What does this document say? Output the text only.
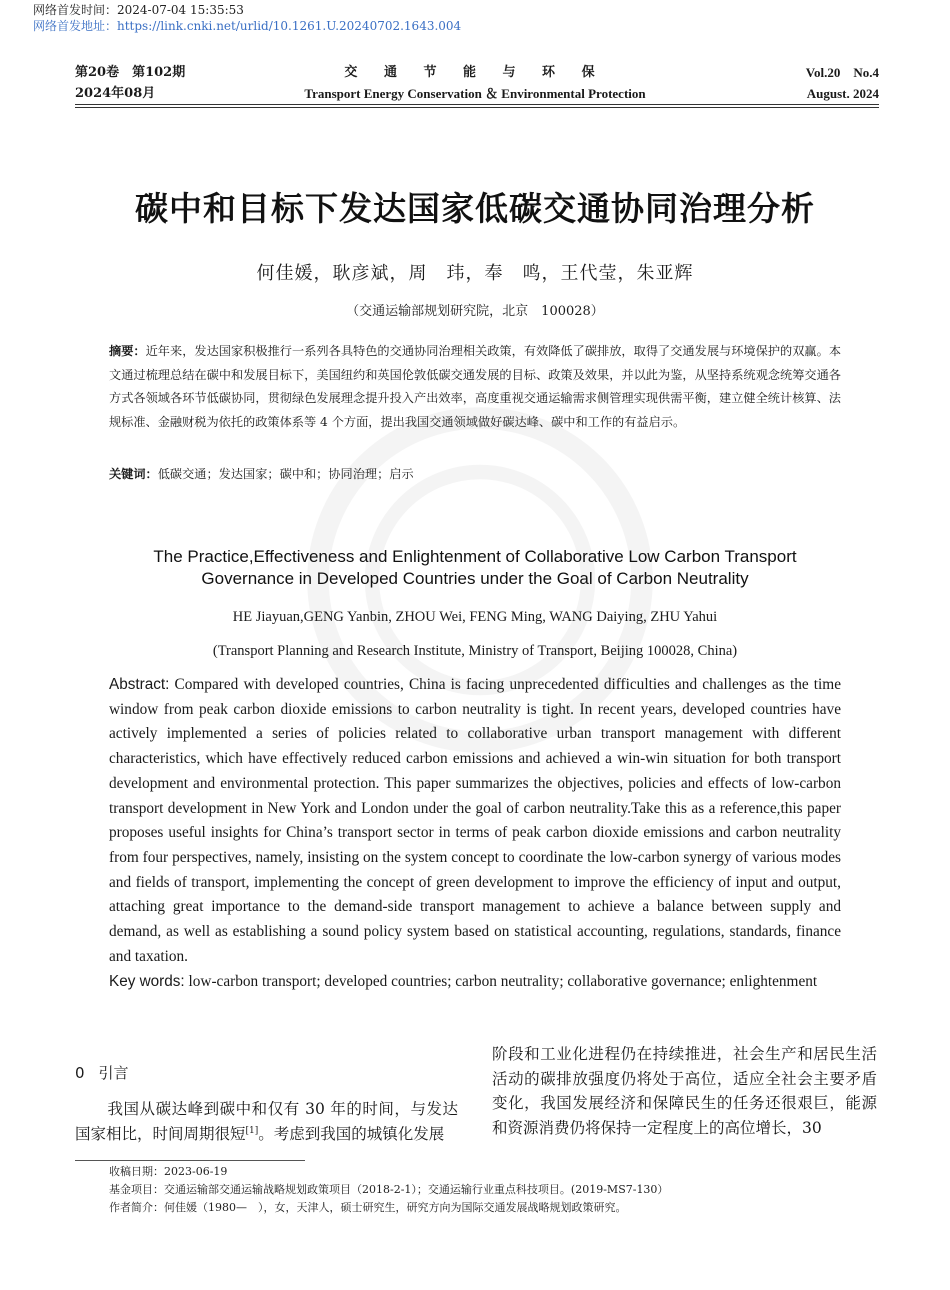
网络首发时间：2024-07-04 15:35:53
网络首发地址：https://link.cnki.net/urlid/10.1261.U.20240702.1643.004
第20卷　第102期
2024年08月
交 通 节 能 与 环 保
Transport Energy Conservation ＆ Environmental Protection
Vol.20　No.4
August. 2024
碳中和目标下发达国家低碳交通协同治理分析
何佳媛，耿彦斌，周　玮，奉　鸣，王代莹，朱亚辉
（交通运输部规划研究院，北京　100028）
摘要：近年来，发达国家积极推行一系列各具特色的交通协同治理相关政策，有效降低了碳排放，取得了交通发展与环境保护的双赢。本文通过梳理总结在碳中和发展目标下，美国纽约和英国伦敦低碳交通发展的目标、政策及效果，并以此为鉴，从坚持系统观念统筹交通各方式各领域各环节低碳协同，贯彻绿色发展理念提升投入产出效率，高度重视交通运输需求侧管理实现供需平衡，建立健全统计核算、法规标准、金融财税为依托的政策体系等 4 个方面，提出我国交通领域做好碳达峰、碳中和工作的有益启示。
关键词：低碳交通；发达国家；碳中和；协同治理；启示
The Practice,Effectiveness and Enlightenment of Collaborative Low Carbon Transport
Governance in Developed Countries under the Goal of Carbon Neutrality
HE Jiayuan,GENG Yanbin, ZHOU Wei, FENG Ming, WANG Daiying, ZHU Yahui
(Transport Planning and Research Institute, Ministry of Transport, Beijing 100028, China)
Abstract: Compared with developed countries, China is facing unprecedented difficulties and challenges as the time window from peak carbon dioxide emissions to carbon neutrality is tight. In recent years, developed countries have actively implemented a series of policies related to collaborative urban transport management with different characteristics, which have effectively reduced carbon emissions and achieved a win-win situation for both transport development and environmental protection. This paper summarizes the objectives, policies and effects of low-carbon transport development in New York and London under the goal of carbon neutrality.Take this as a reference,this paper proposes useful insights for China’s transport sector in terms of peak carbon dioxide emissions and carbon neutrality from four perspectives, namely, insisting on the system concept to coordinate the low-carbon synergy of various modes and fields of transport, implementing the concept of green development to improve the efficiency of input and output, attaching great importance to the demand-side transport management to achieve a balance between supply and demand, as well as establishing a sound policy system based on statistical accounting, regulations, standards, finance and taxation.
Key words: low-carbon transport; developed countries; carbon neutrality; collaborative governance; enlightenment
0 引言
我国从碳达峰到碳中和仅有 30 年的时间，与发达国家相比，时间周期很短[1]。考虑到我国的城镇化发展
阶段和工业化进程仍在持续推进，社会生产和居民生活活动的碳排放强度仍将处于高位，适应全社会主要矛盾变化，我国发展经济和保障民生的任务还很艰巨，能源和资源消费仍将保持一定程度上的高位增长，30
收稿日期：2023-06-19
基金项目：交通运输部交通运输战略规划政策项目（2018-2-1）；交通运输行业重点科技项目。(2019-MS7-130）
作者简介：何佳媛（1980—　），女，天津人，硕士研究生，研究方向为国际交通发展战略规划政策研究。
